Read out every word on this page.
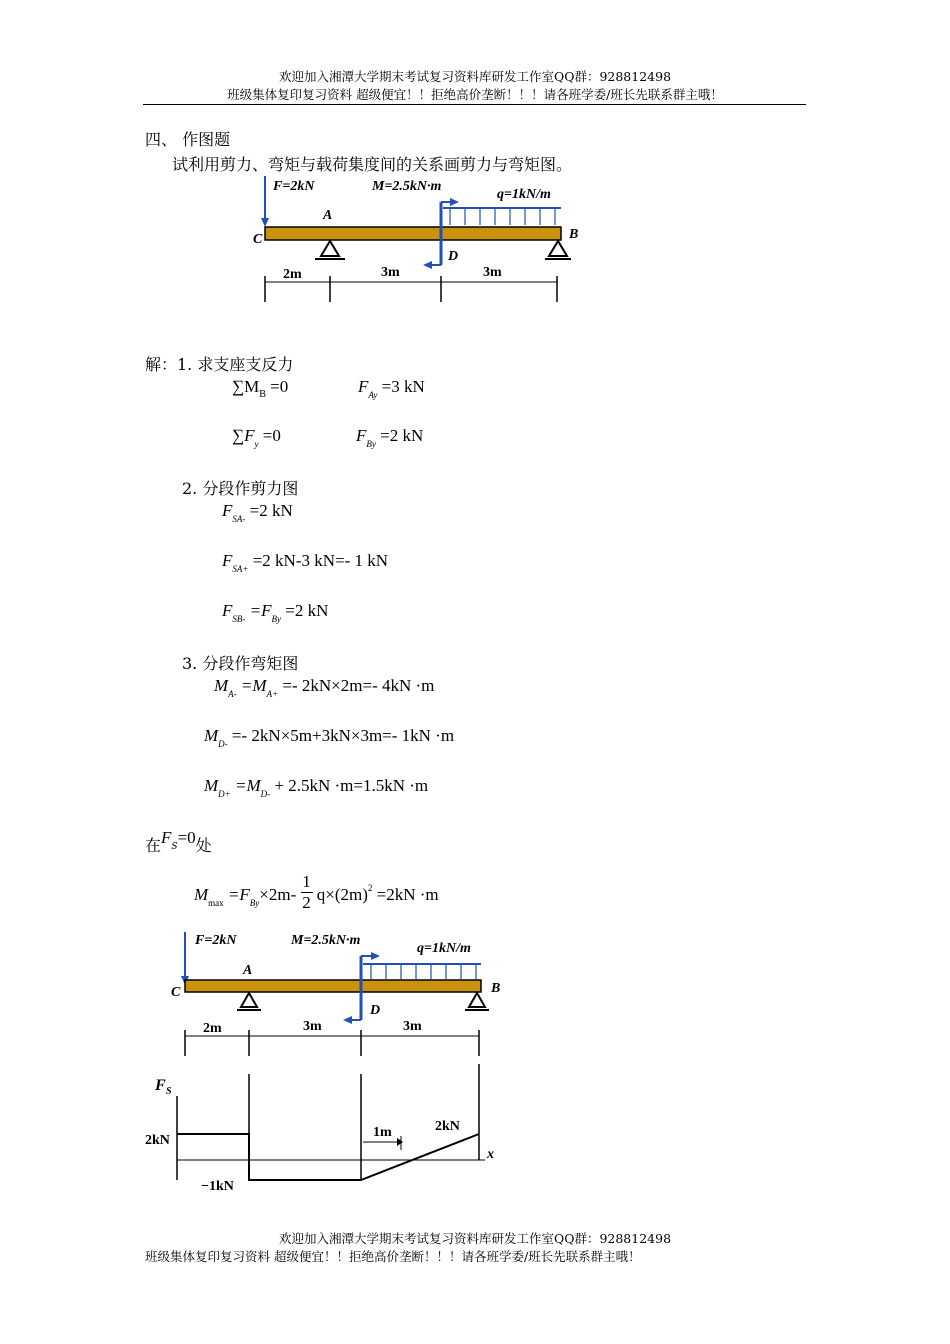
欢迎加入湘潭大学期末考试复习资料库研发工作室QQ群：928812498
班级集体复印复习资料 超级便宜！！拒绝高价垄断！！！请各班学委/班长先联系群主哦！
四、 作图题
试利用剪力、弯矩与载荷集度间的关系画剪力与弯矩图。
F=2kN	M=2.5kN·m
q=1kN/m
C
A
D
B
2m	3m	3m
解：1. 求支座支反力
$\sum M_B =0$	$F_{Ay} =3$ kN
$\sum F_y =0$	$F_{By} =2$ kN
2. 分段作剪力图
$F_{SA-} =2$ kN
$F_{SA+} =2$ kN-3 kN=- 1 kN
$F_{SB-} =F_{By} =2$ kN
3. 分段作弯矩图
$M_{A-} =M_{A+} =- 2kN\times 2m=-$ 4kN ·m
$M_{D-} =- 2kN\times 5m+3kN\times 3m=-$ 1kN ·m
$M_{D+} =M_{D-} + 2.5kN \cdot m=1.5kN \cdot m$
在FS=0处
$M_{max} =F_{By}\times 2m- \frac{1}{2} q\times(2m)^2 =2kN \cdot m$
F=2kN	M=2.5kN·m
q=1kN/m
C
A
D
B
2m	3m	3m
F S
x
2kN
−1kN
1m	2kN
欢迎加入湘潭大学期末考试复习资料库研发工作室QQ群：928812498
班级集体复印复习资料 超级便宜！！拒绝高价垄断！！！请各班学委/班长先联系群主哦！
